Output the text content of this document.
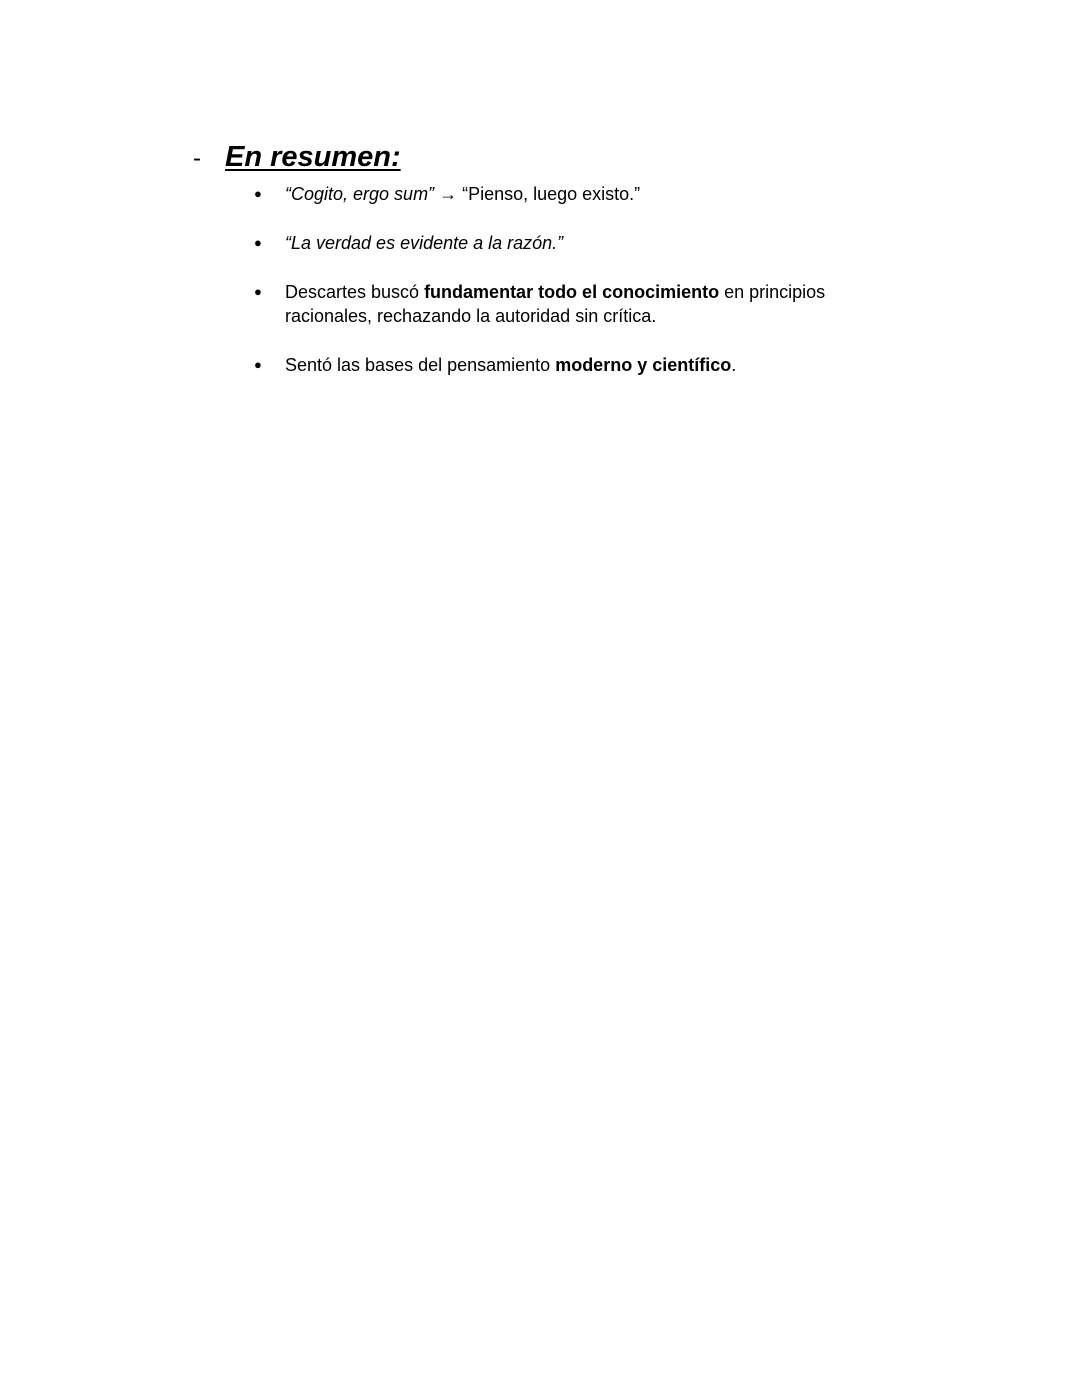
- En resumen:
●	“Cogito, ergo sum” → “Pienso, luego existo.”
●	“La verdad es evidente a la razón.”
●	Descartes buscó fundamentar todo el conocimiento en principios racionales, rechazando la autoridad sin crítica.
●	Sentó las bases del pensamiento moderno y científico.
